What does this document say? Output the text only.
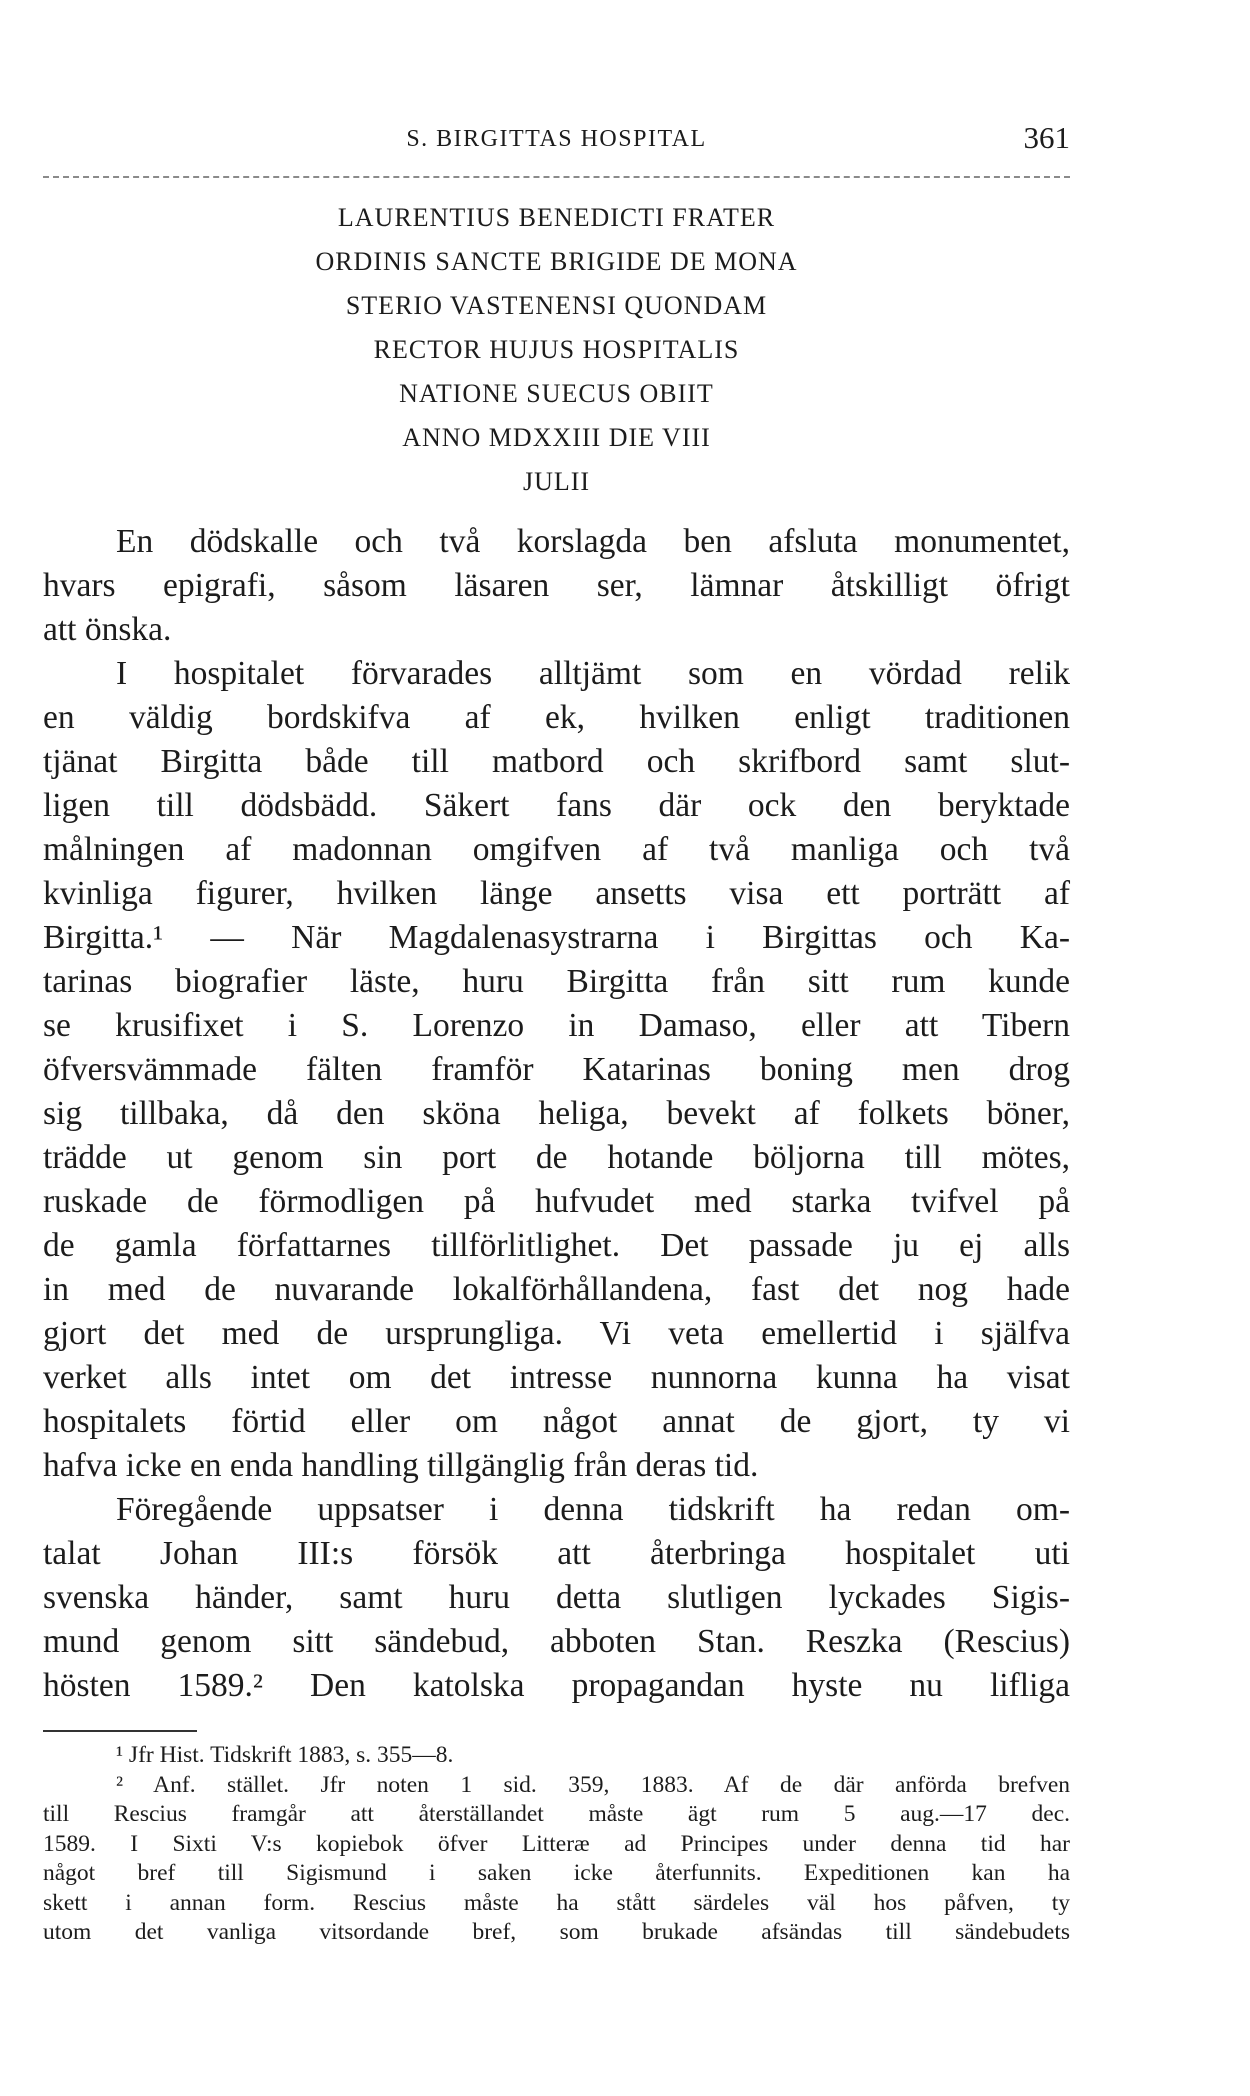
S. BIRGITTAS HOSPITAL	361
LAURENTIUS BENEDICTI FRATER
ORDINIS SANCTE BRIGIDE DE MONA
STERIO VASTENENSI QUONDAM
RECTOR HUJUS HOSPITALIS
NATIONE SUECUS OBIIT
ANNO MDXXIII DIE VIII
JULII
En dödskalle och två korslagda ben afsluta monumentet,
hvars epigrafi, såsom läsaren ser, lämnar åtskilligt öfrigt
att önska.
I hospitalet förvarades alltjämt som en vördad relik
en väldig bordskifva af ek, hvilken enligt traditionen
tjänat Birgitta både till matbord och skrifbord samt slut-
ligen till dödsbädd. Säkert fans där ock den beryktade
målningen af madonnan omgifven af två manliga och två
kvinliga figurer, hvilken länge ansetts visa ett porträtt af
Birgitta.¹ — När Magdalenasystrarna i Birgittas och Ka-
tarinas biografier läste, huru Birgitta från sitt rum kunde
se krusifixet i S. Lorenzo in Damaso, eller att Tibern
öfversvämmade fälten framför Katarinas boning men drog
sig tillbaka, då den sköna heliga, bevekt af folkets böner,
trädde ut genom sin port de hotande böljorna till mötes,
ruskade de förmodligen på hufvudet med starka tvifvel på
de gamla författarnes tillförlitlighet. Det passade ju ej alls
in med de nuvarande lokalförhållandena, fast det nog hade
gjort det med de ursprungliga. Vi veta emellertid i själfva
verket alls intet om det intresse nunnorna kunna ha visat
hospitalets förtid eller om något annat de gjort, ty vi
hafva icke en enda handling tillgänglig från deras tid.
Föregående uppsatser i denna tidskrift ha redan om-
talat Johan III:s försök att återbringa hospitalet uti
svenska händer, samt huru detta slutligen lyckades Sigis-
mund genom sitt sändebud, abboten Stan. Reszka (Rescius)
hösten 1589.² Den katolska propagandan hyste nu lifliga
¹ Jfr Hist. Tidskrift 1883, s. 355—8.
² Anf. stället. Jfr noten 1 sid. 359, 1883. Af de där anförda brefven
till Rescius framgår att återställandet måste ägt rum 5 aug.—17 dec.
1589. I Sixti V:s kopiebok öfver Litteræ ad Principes under denna tid har
något bref till Sigismund i saken icke återfunnits. Expeditionen kan ha
skett i annan form. Rescius måste ha stått särdeles väl hos påfven, ty
utom det vanliga vitsordande bref, som brukade afsändas till sändebudets
